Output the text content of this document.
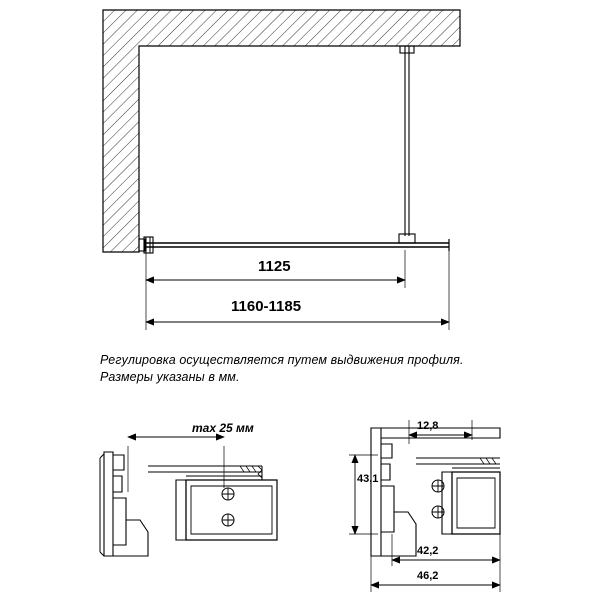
1125
1160-1185
Регулировка осуществляется путем выдвижения профиля.
Размеры указаны в мм.
max 25 мм	12,8
43,1
42,2
46,2
